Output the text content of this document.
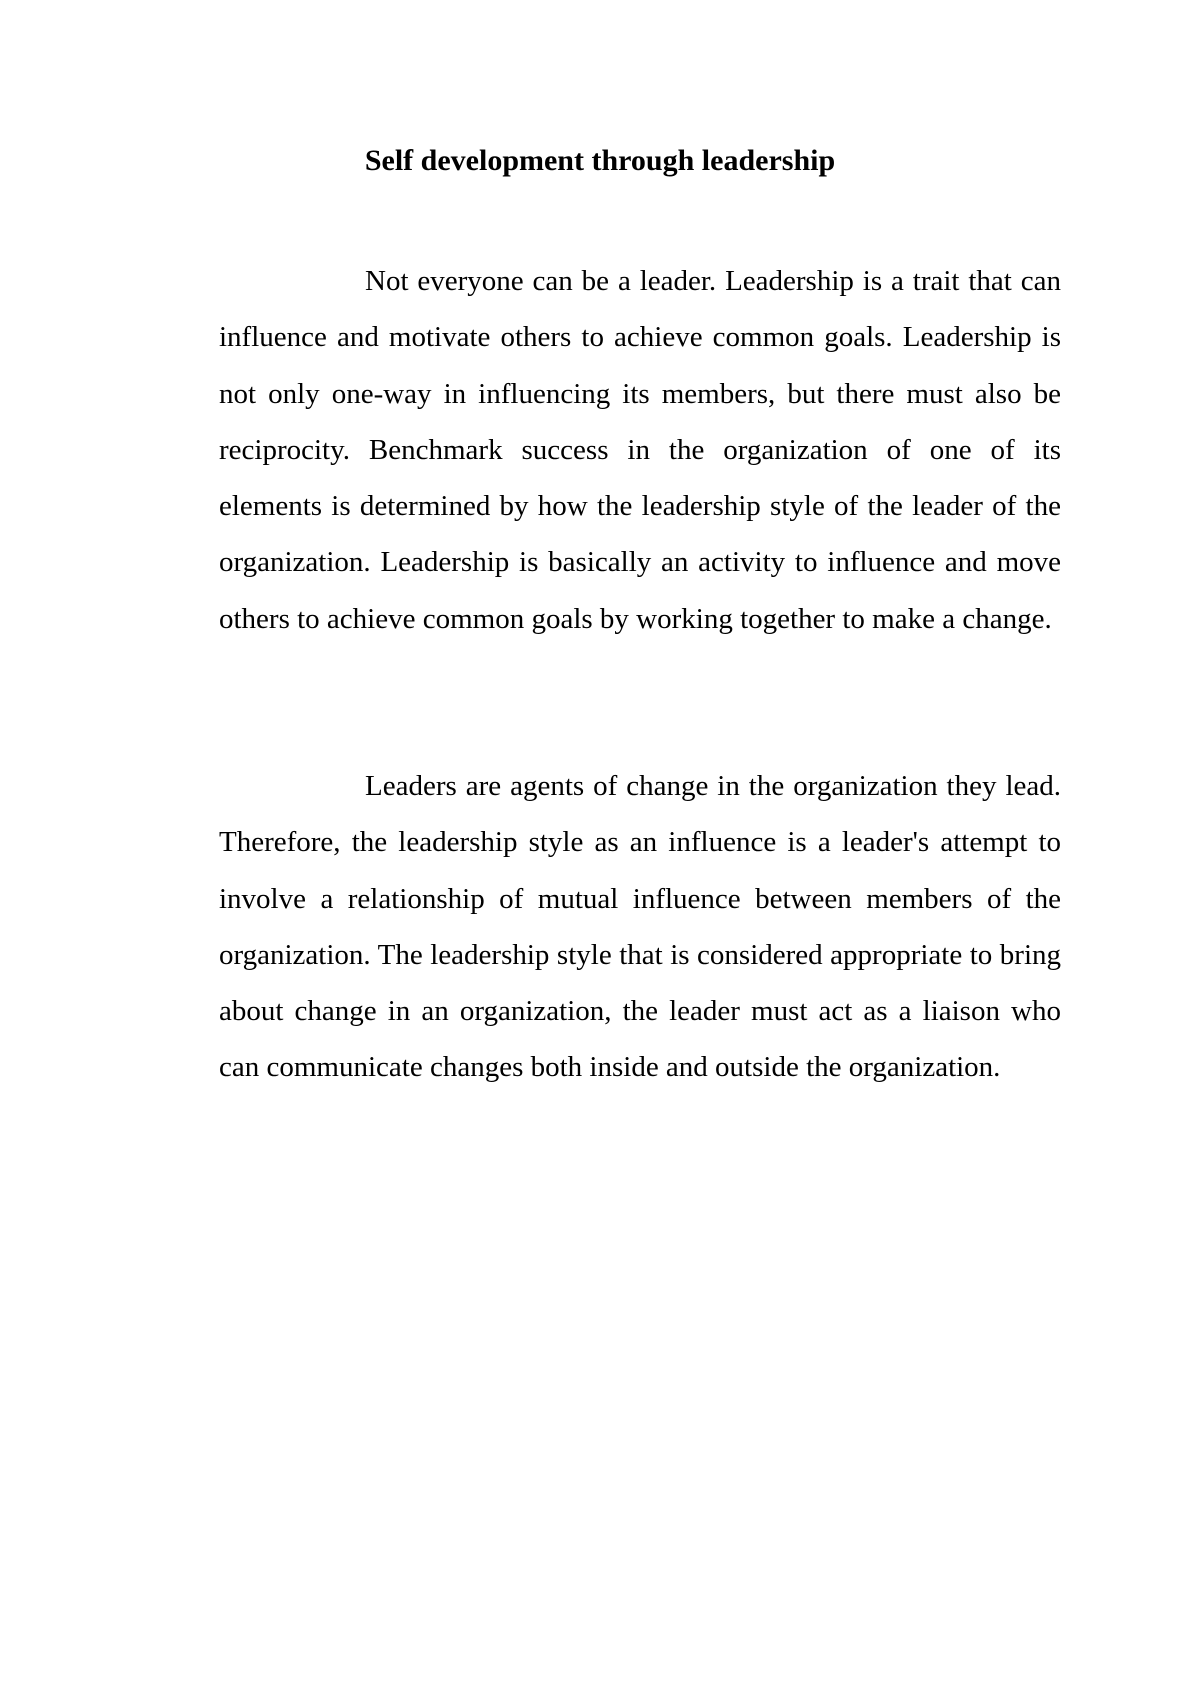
Self development through leadership

Not everyone can be a leader. Leadership is a trait that can influence and motivate others to achieve common goals. Leadership is not only one-way in influencing its members, but there must also be reciprocity. Benchmark success in the organization of one of its elements is determined by how the leadership style of the leader of the organization. Leadership is basically an activity to influence and move others to achieve common goals by working together to make a change.

Leaders are agents of change in the organization they lead. Therefore, the leadership style as an influence is a leader's attempt to involve a relationship of mutual influence between members of the organization. The leadership style that is considered appropriate to bring about change in an organization, the leader must act as a liaison who can communicate changes both inside and outside the organization.
